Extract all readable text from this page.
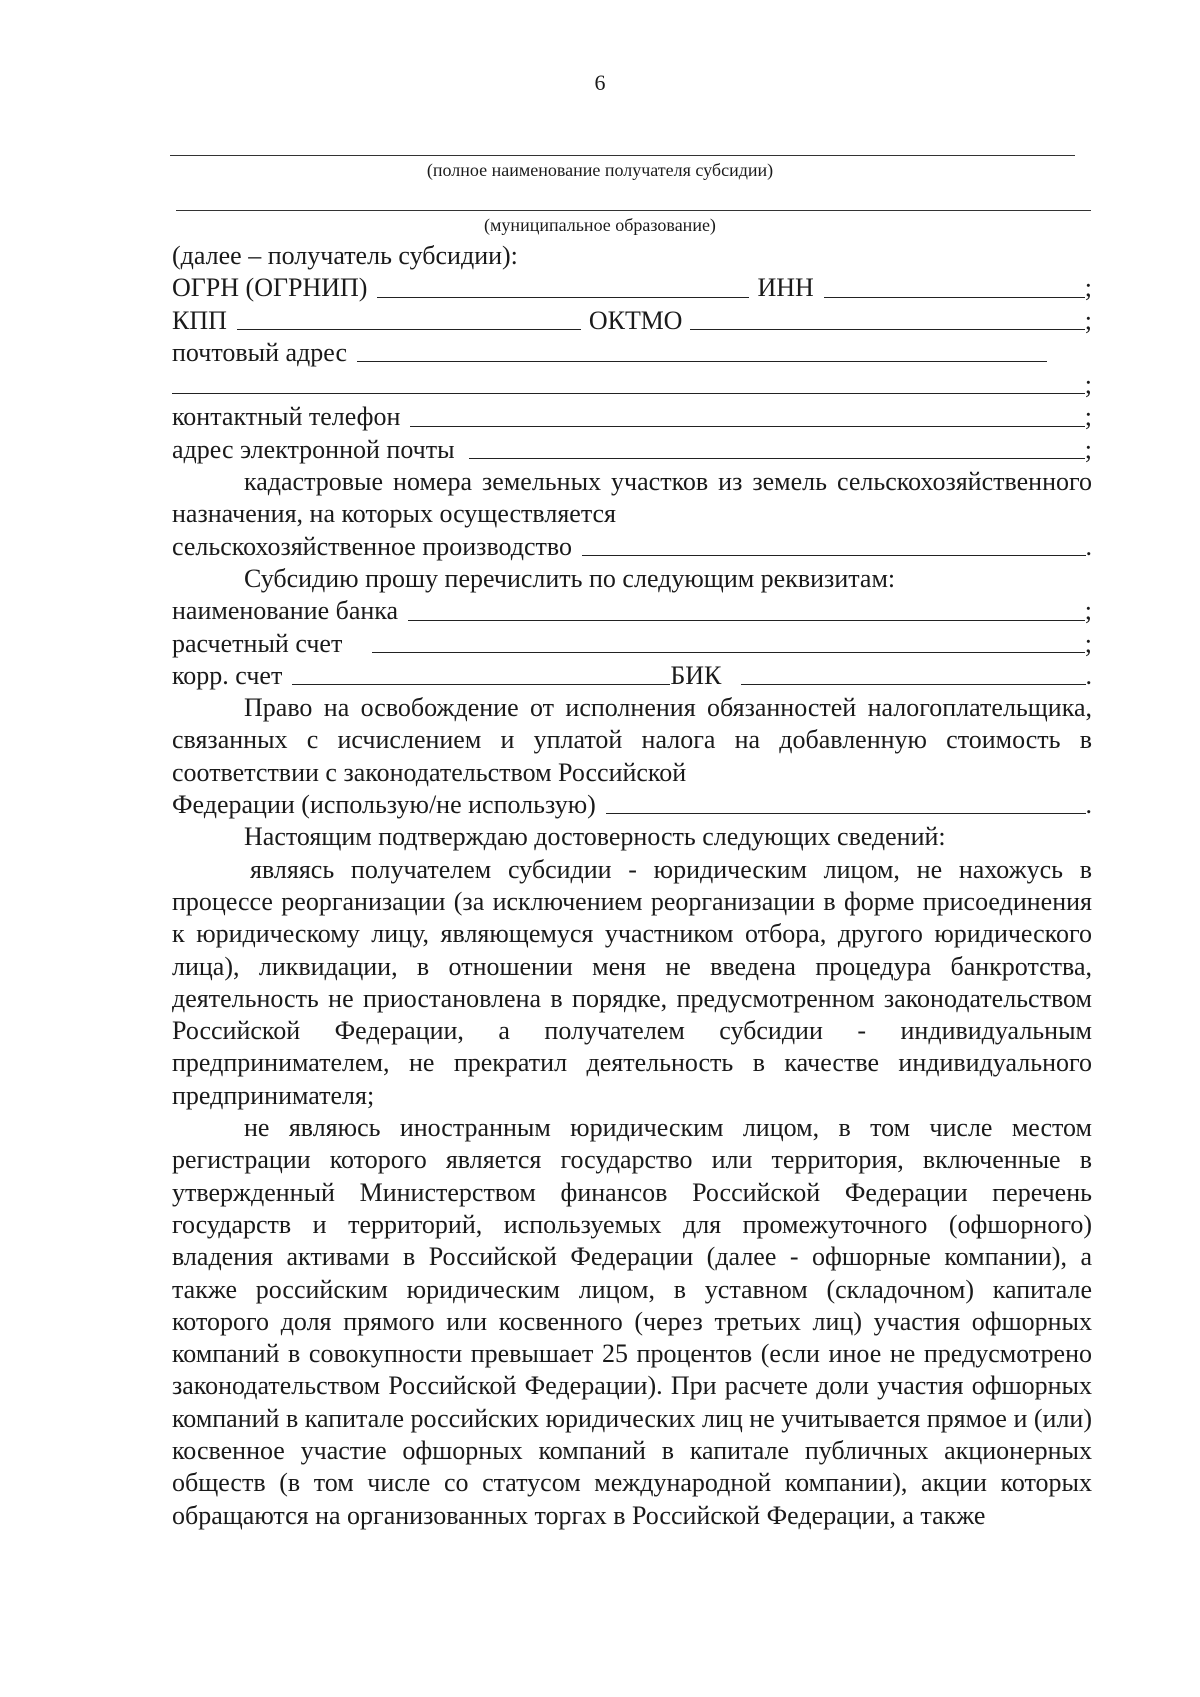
6
(полное наименование получателя субсидии)
(муниципальное образование)
(далее – получатель субсидии):
ОГРН (ОГРНИП)	ИНН	;
КПП	ОКТМО	;
почтовый адрес
;
контактный телефон	;
адрес электронной почты	;

кадастровые номера земельных участков из земель сельскохозяйственного назначения, на которых осуществляется

сельскохозяйственное производство	.

Субсидию прошу перечислить по следующим реквизитам:

наименование банка	;
расчетный счет	;
корр. счет	БИК	.

Право на освобождение от исполнения обязанностей налогоплательщика, связанных с исчислением и уплатой налога на добавленную стоимость в соответствии с законодательством Российской

Федерации (использую/не использую)	.

Настоящим подтверждаю достоверность следующих сведений:

являясь получателем субсидии - юридическим лицом, не нахожусь в процессе реорганизации (за исключением реорганизации в форме присоединения к юридическому лицу, являющемуся участником отбора, другого юридического лица), ликвидации, в отношении меня не введена процедура банкротства, деятельность не приостановлена в порядке, предусмотренном законодательством Российской Федерации, а получателем субсидии - индивидуальным предпринимателем, не прекратил деятельность в качестве индивидуального предпринимателя;

не являюсь иностранным юридическим лицом, в том числе местом регистрации которого является государство или территория, включенные в утвержденный Министерством финансов Российской Федерации перечень государств и территорий, используемых для промежуточного (офшорного) владения активами в Российской Федерации (далее - офшорные компании), а также российским юридическим лицом, в уставном (складочном) капитале которого доля прямого или косвенного (через третьих лиц) участия офшорных компаний в совокупности превышает 25 процентов (если иное не предусмотрено законодательством Российской Федерации). При расчете доли участия офшорных компаний в капитале российских юридических лиц не учитывается прямое и (или) косвенное участие офшорных компаний в капитале публичных акционерных обществ (в том числе со статусом международной компании), акции которых обращаются на организованных торгах в Российской Федерации, а также
